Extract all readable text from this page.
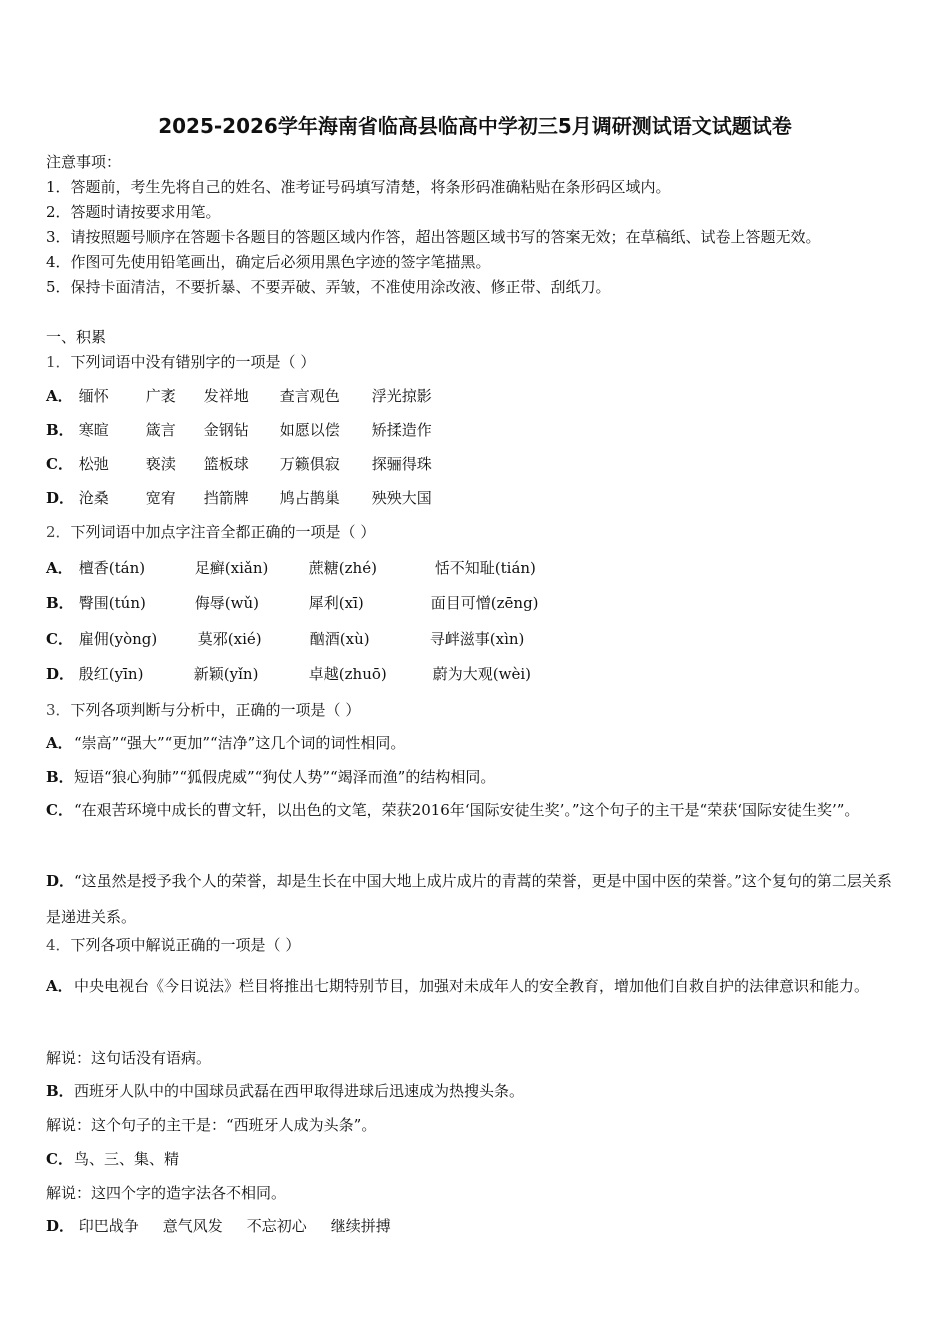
2025-2026学年海南省临高县临高中学初三5月调研测试语文试题试卷
注意事项：
1．答题前，考生先将自己的姓名、准考证号码填写清楚，将条形码准确粘贴在条形码区域内。
2．答题时请按要求用笔。
3．请按照题号顺序在答题卡各题目的答题区域内作答，超出答题区域书写的答案无效；在草稿纸、试卷上答题无效。
4．作图可先使用铅笔画出，确定后必须用黑色字迹的签字笔描黑。
5．保持卡面清洁，不要折暴、不要弄破、弄皱，不准使用涂改液、修正带、刮纸刀。
一、积累
1．下列词语中没有错别字的一项是（ ）
A． 缅怀 广袤 发祥地 查言观色 浮光掠影
B． 寒暄 箴言 金钢钻 如愿以偿 矫揉造作
C． 松弛 亵渎 篮板球 万籁俱寂 探骊得珠
D． 沧桑 宽宥 挡箭牌 鸠占鹊巢 殃殃大国
2．下列词语中加点字注音全都正确的一项是（ ）
A． 檀香(tán)	足癣(xiǎn)	蔗糖(zhé)	恬不知耻(tián)
B． 臀围(tún)	侮辱(wǔ)	犀利(xī)	面目可憎(zēng)
C． 雇佣(yòng)	莫邪(xié)	酗酒(xù)	寻衅滋事(xìn)
D． 殷红(yīn)	新颖(yǐn)	卓越(zhuō)	蔚为大观(wèi)
3．下列各项判断与分析中，正确的一项是（ ）
A．“崇高”“强大”“更加”“洁净”这几个词的词性相同。
B．短语“狼心狗肺”“狐假虎威”“狗仗人势”“竭泽而渔”的结构相同。
C．“在艰苦环境中成长的曹文轩，以出色的文笔，荣获2016年‘国际安徒生奖’。”这个句子的主干是“荣获‘国际安徒生奖’”。
D．“这虽然是授予我个人的荣誉，却是生长在中国大地上成片成片的青蒿的荣誉，更是中国中医的荣誉。”这个复句的第二层关系是递进关系。
4．下列各项中解说正确的一项是（ ）
A．中央电视台《今日说法》栏目将推出七期特别节目，加强对未成年人的安全教育，增加他们自救自护的法律意识和能力。
解说：这句话没有语病。
B．西班牙人队中的中国球员武磊在西甲取得进球后迅速成为热搜头条。
解说：这个句子的主干是：“西班牙人成为头条”。
C．鸟、三、集、精
解说：这四个字的造字法各不相同。
D． 印巴战争 意气风发 不忘初心 继续拼搏
